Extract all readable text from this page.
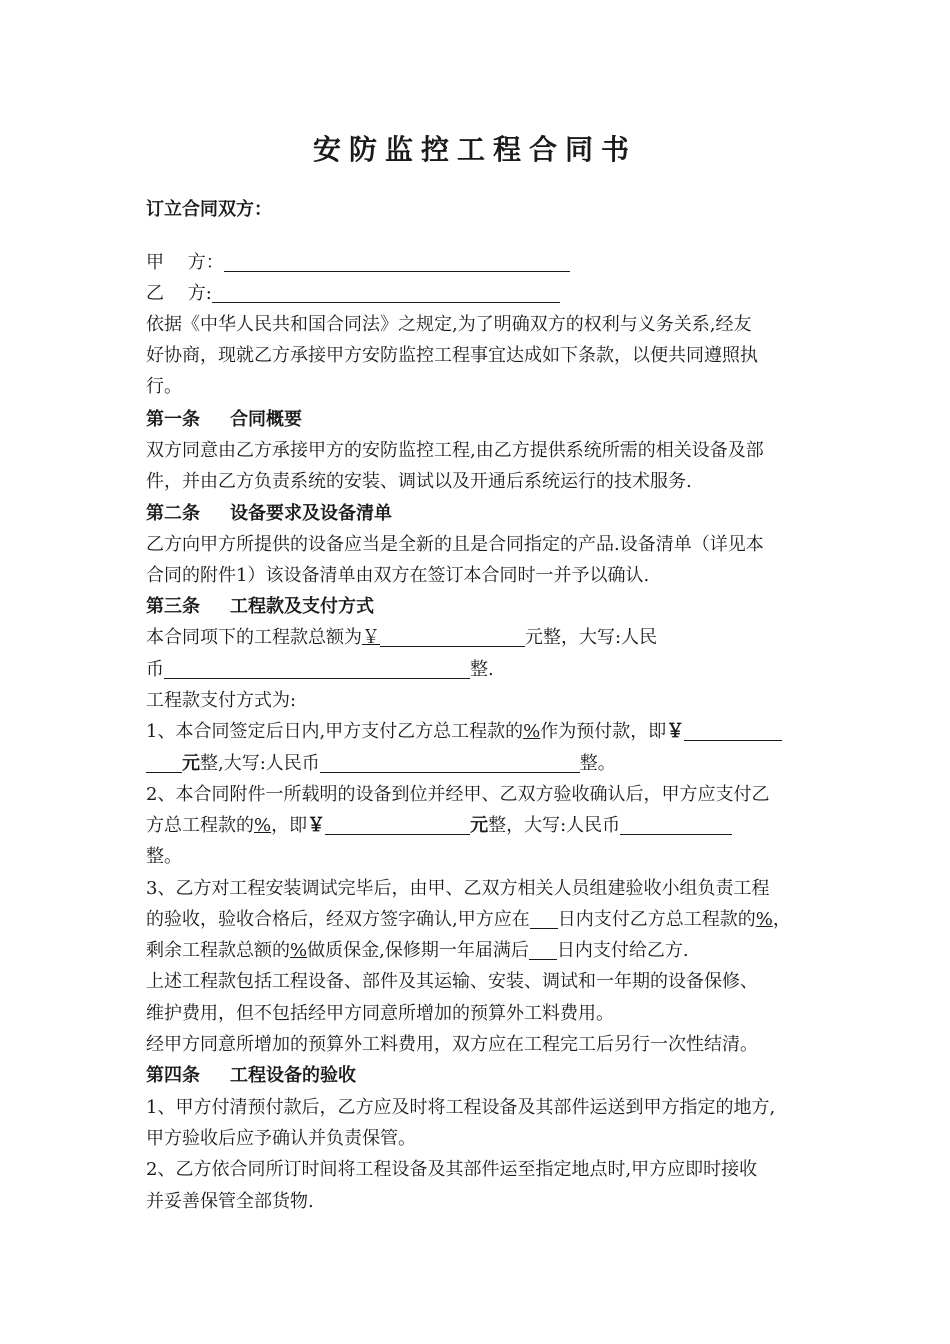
安防监控工程合同书
订立合同双方：
甲　 方：
乙　 方:
依据《中华人民共和国合同法》之规定,为了明确双方的权利与义务关系,经友
好协商，现就乙方承接甲方安防监控工程事宜达成如下条款，以便共同遵照执
行。
第一条 合同概要
双方同意由乙方承接甲方的安防监控工程,由乙方提供系统所需的相关设备及部
件，并由乙方负责系统的安装、调试以及开通后系统运行的技术服务.
第二条 设备要求及设备清单
乙方向甲方所提供的设备应当是全新的且是合同指定的产品.设备清单（详见本
合同的附件1）该设备清单由双方在签订本合同时一并予以确认.
第三条 工程款及支付方式
本合同项下的工程款总额为￥	元整，大写:人民
币	整.
工程款支付方式为:
1、本合同签定后日内,甲方支付乙方总工程款的%作为预付款，即￥
元整,大写:人民币	整。
2、本合同附件一所载明的设备到位并经甲、乙双方验收确认后，甲方应支付乙
方总工程款的%，即￥	元整，大写:人民币
整。
3、乙方对工程安装调试完毕后，由甲、乙双方相关人员组建验收小组负责工程
的验收，验收合格后，经双方签字确认,甲方应在 日内支付乙方总工程款的%，
剩余工程款总额的%做质保金,保修期一年届满后 日内支付给乙方.
上述工程款包括工程设备、部件及其运输、安装、调试和一年期的设备保修、
维护费用，但不包括经甲方同意所增加的预算外工料费用。
经甲方同意所增加的预算外工料费用，双方应在工程完工后另行一次性结清。
第四条 工程设备的验收
1、甲方付清预付款后，乙方应及时将工程设备及其部件运送到甲方指定的地方,
甲方验收后应予确认并负责保管。
2、乙方依合同所订时间将工程设备及其部件运至指定地点时,甲方应即时接收
并妥善保管全部货物.
